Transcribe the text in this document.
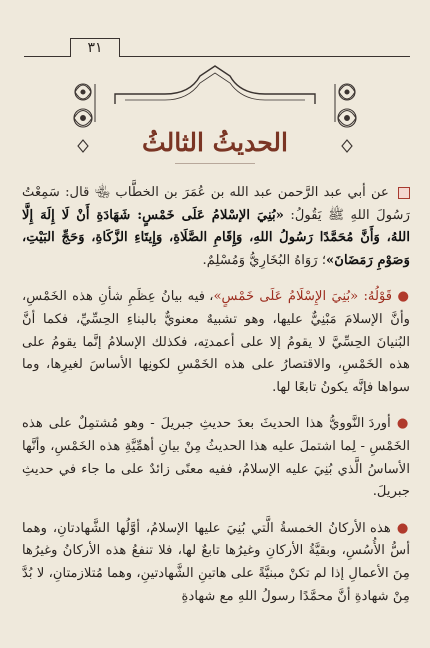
٣١
الحديثُ الثالثُ

عن أبي عبد الرَّحمن عبد الله بن عُمَرَ بن الخطَّاب ﵄ قال: سَمِعْتُ رَسُولَ اللهِ ﷺ يَقُولُ: «بُنِيَ الإسْلامُ عَلَى خَمْسٍ: شَهَادَةِ أَنْ لَا إِلَهَ إِلَّا اللهُ، وَأَنَّ مُحَمَّدًا رَسُولُ اللهِ، وَإِقَامِ الصَّلَاةِ، وَإِيتَاءِ الزَّكَاةِ، وَحَجِّ البَيْتِ، وَصَوْمِ رَمَضَانَ»؛ رَوَاهُ البُخَارِيُّ وَمُسْلِمٌ.

● قَوْلُهُ: «بُنِيَ الإِسْلَامُ عَلَى خَمْسٍ»، فيه بيانُ عِظَمِ شأنِ هذه الخَمْسِ، وأنَّ الإسلامَ مَبْنِيٌّ عليها، وهو تشبيهٌ معنويٌّ بالبناءِ الحِسِّيِّ، فكما أنَّ البُنيانَ الحِسِّيَّ لا يقومُ إلا على أعمدتِه، فكذلك الإسلامُ إنَّما يقومُ على هذه الخَمْسِ، والاقتصارُ على هذه الخَمْسِ لكونِها الأساسَ لغيرِها، وما سواها فإنَّه يكونُ تابعًا لها.

● أوردَ النَّوويُّ هذا الحديثَ بعدَ حديثِ جبريلَ - وهو مُشتمِلٌ على هذه الخَمْسِ - لِما اشتملَ عليه هذا الحديثُ مِنْ بيانِ أهمِّيَّةِ هذه الخَمْسِ، وأنَّها الأساسُ الَّذي بُنِيَ عليه الإسلامُ، ففيه معنًى زائدٌ على ما جاء في حديثِ جبريلَ.

● هذه الأركانُ الخمسةُ الَّتي بُنِيَ عليها الإسلامُ، أوَّلُها الشَّهادتانِ، وهما أسُّ الأُسُسِ، وبقيَّةُ الأركانِ وغيرُها تابعٌ لها، فلا تنفعُ هذه الأركانُ وغيرُها مِنَ الأعمالِ إذا لم تكنْ مبنيَّةً على هاتينِ الشَّهادتينِ، وهما مُتلازمتانِ، لا بُدَّ مِنْ شهادةِ أنَّ محمَّدًا رسولُ اللهِ مع شهادةِ
